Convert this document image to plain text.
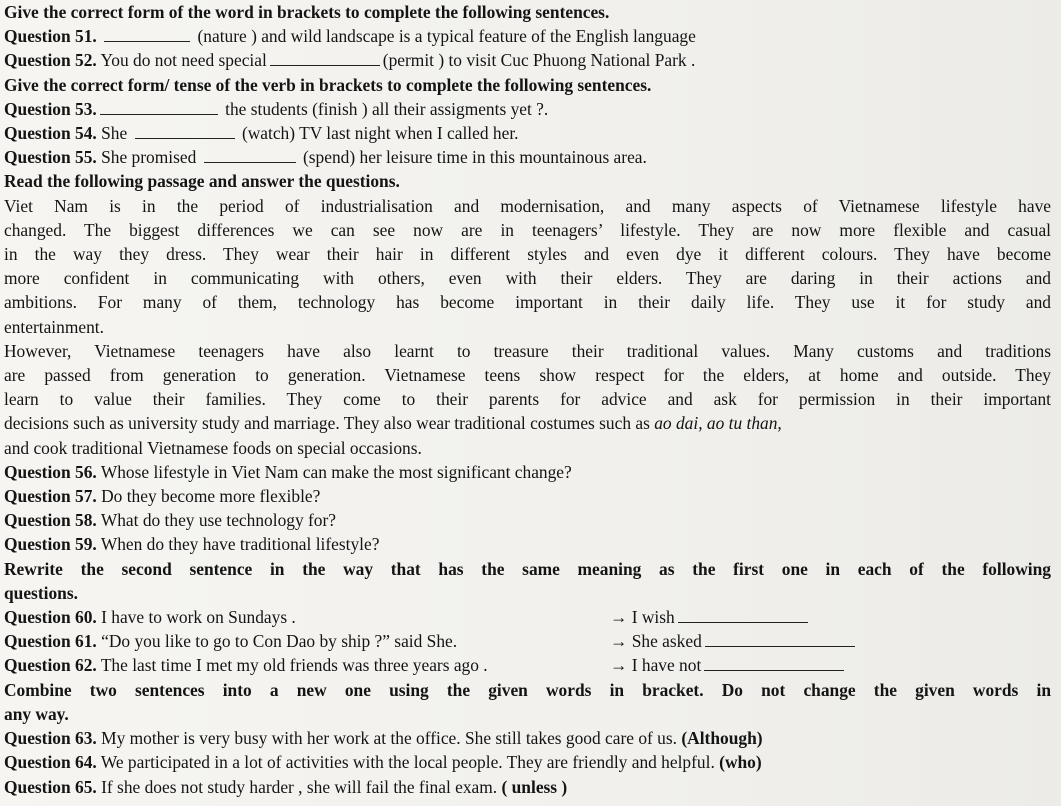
Give the correct form of the word in brackets to complete the following sentences.
Question 51.	(nature ) and wild landscape is a typical feature of the English language
Question 52. You do not need special	(permit ) to visit Cuc Phuong National Park .
Give the correct form/ tense of the verb in brackets to complete the following sentences.
Question 53.	the students (finish ) all their assigments yet ?.
Question 54. She	(watch) TV last night when I called her.
Question 55. She promised	(spend) her leisure time in this mountainous area.
Read the following passage and answer the questions.
Viet Nam is in the period of industrialisation and modernisation, and many aspects of Vietnamese lifestyle have
changed. The biggest differences we can see now are in teenagers’ lifestyle. They are now more flexible and casual
in the way they dress. They wear their hair in different styles and even dye it different colours. They have become
more confident in communicating with others, even with their elders. They are daring in their actions and
ambitions. For many of them, technology has become important in their daily life. They use it for study and
entertainment.
However, Vietnamese teenagers have also learnt to treasure their traditional values. Many customs and traditions
are passed from generation to generation. Vietnamese teens show respect for the elders, at home and outside. They
learn to value their families. They come to their parents for advice and ask for permission in their important
decisions such as university study and marriage. They also wear traditional costumes such as ao dai, ao tu than,
and cook traditional Vietnamese foods on special occasions.
Question 56. Whose lifestyle in Viet Nam can make the most significant change?
Question 57. Do they become more flexible?
Question 58. What do they use technology for?
Question 59. When do they have traditional lifestyle?
Rewrite the second sentence in the way that has the same meaning as the first one in each of the following
questions.
Question 60. I have to work on Sundays .	→ I wish
Question 61. “Do you like to go to Con Dao by ship ?” said She.	→ She asked
Question 62. The last time I met my old friends was three years ago .	→ I have not
Combine two sentences into a new one using the given words in bracket. Do not change the given words in
any way.
Question 63. My mother is very busy with her work at the office. She still takes good care of us. (Although)
Question 64. We participated in a lot of activities with the local people. They are friendly and helpful. (who)
Question 65. If she does not study harder , she will fail the final exam. ( unless )
